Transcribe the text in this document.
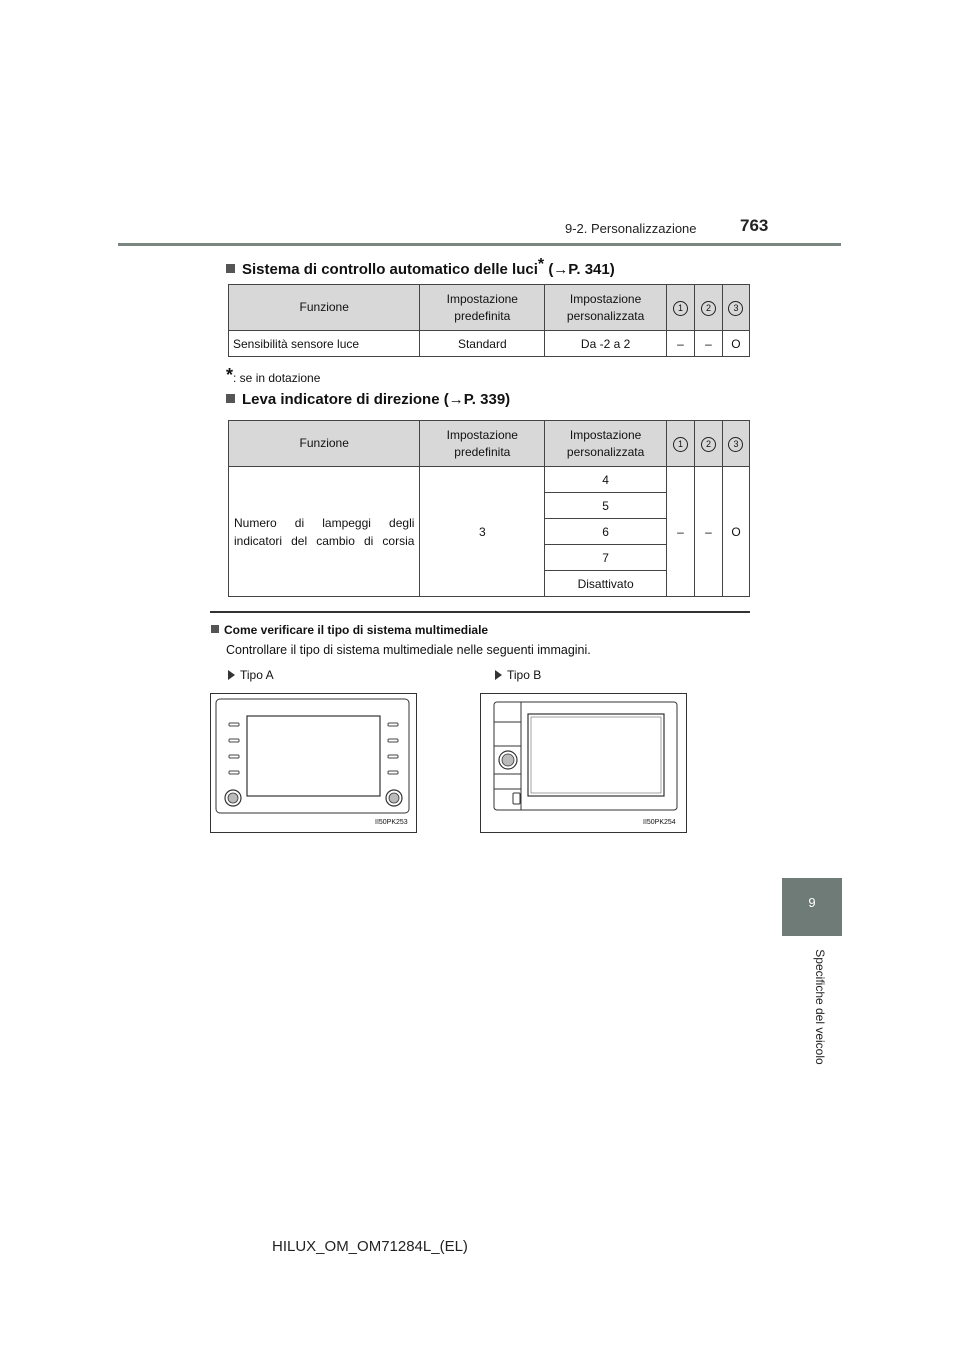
9-2. Personalizzazione	763
9
Specifiche del veicolo
Sistema di controllo automatico delle luci* (→P. 341)
Funzione	Impostazione predefinita	Impostazione personalizzata	1	2	3
Sensibilità sensore luce	Standard	Da -2 a 2	–	–	O
*: se in dotazione
Leva indicatore di direzione (→P. 339)
Funzione	Impostazione predefinita	Impostazione personalizzata	1	2	3
Numero di lampeggi degli indicatori del cambio di corsia	3	4	–	–	O
		5			
		6			
		7			
		Disattivato			
Come verificare il tipo di sistema multimediale
Controllare il tipo di sistema multimediale nelle seguenti immagini.
Tipo A	Tipo B
II50PK253	II50PK254
HILUX_OM_OM71284L_(EL)
